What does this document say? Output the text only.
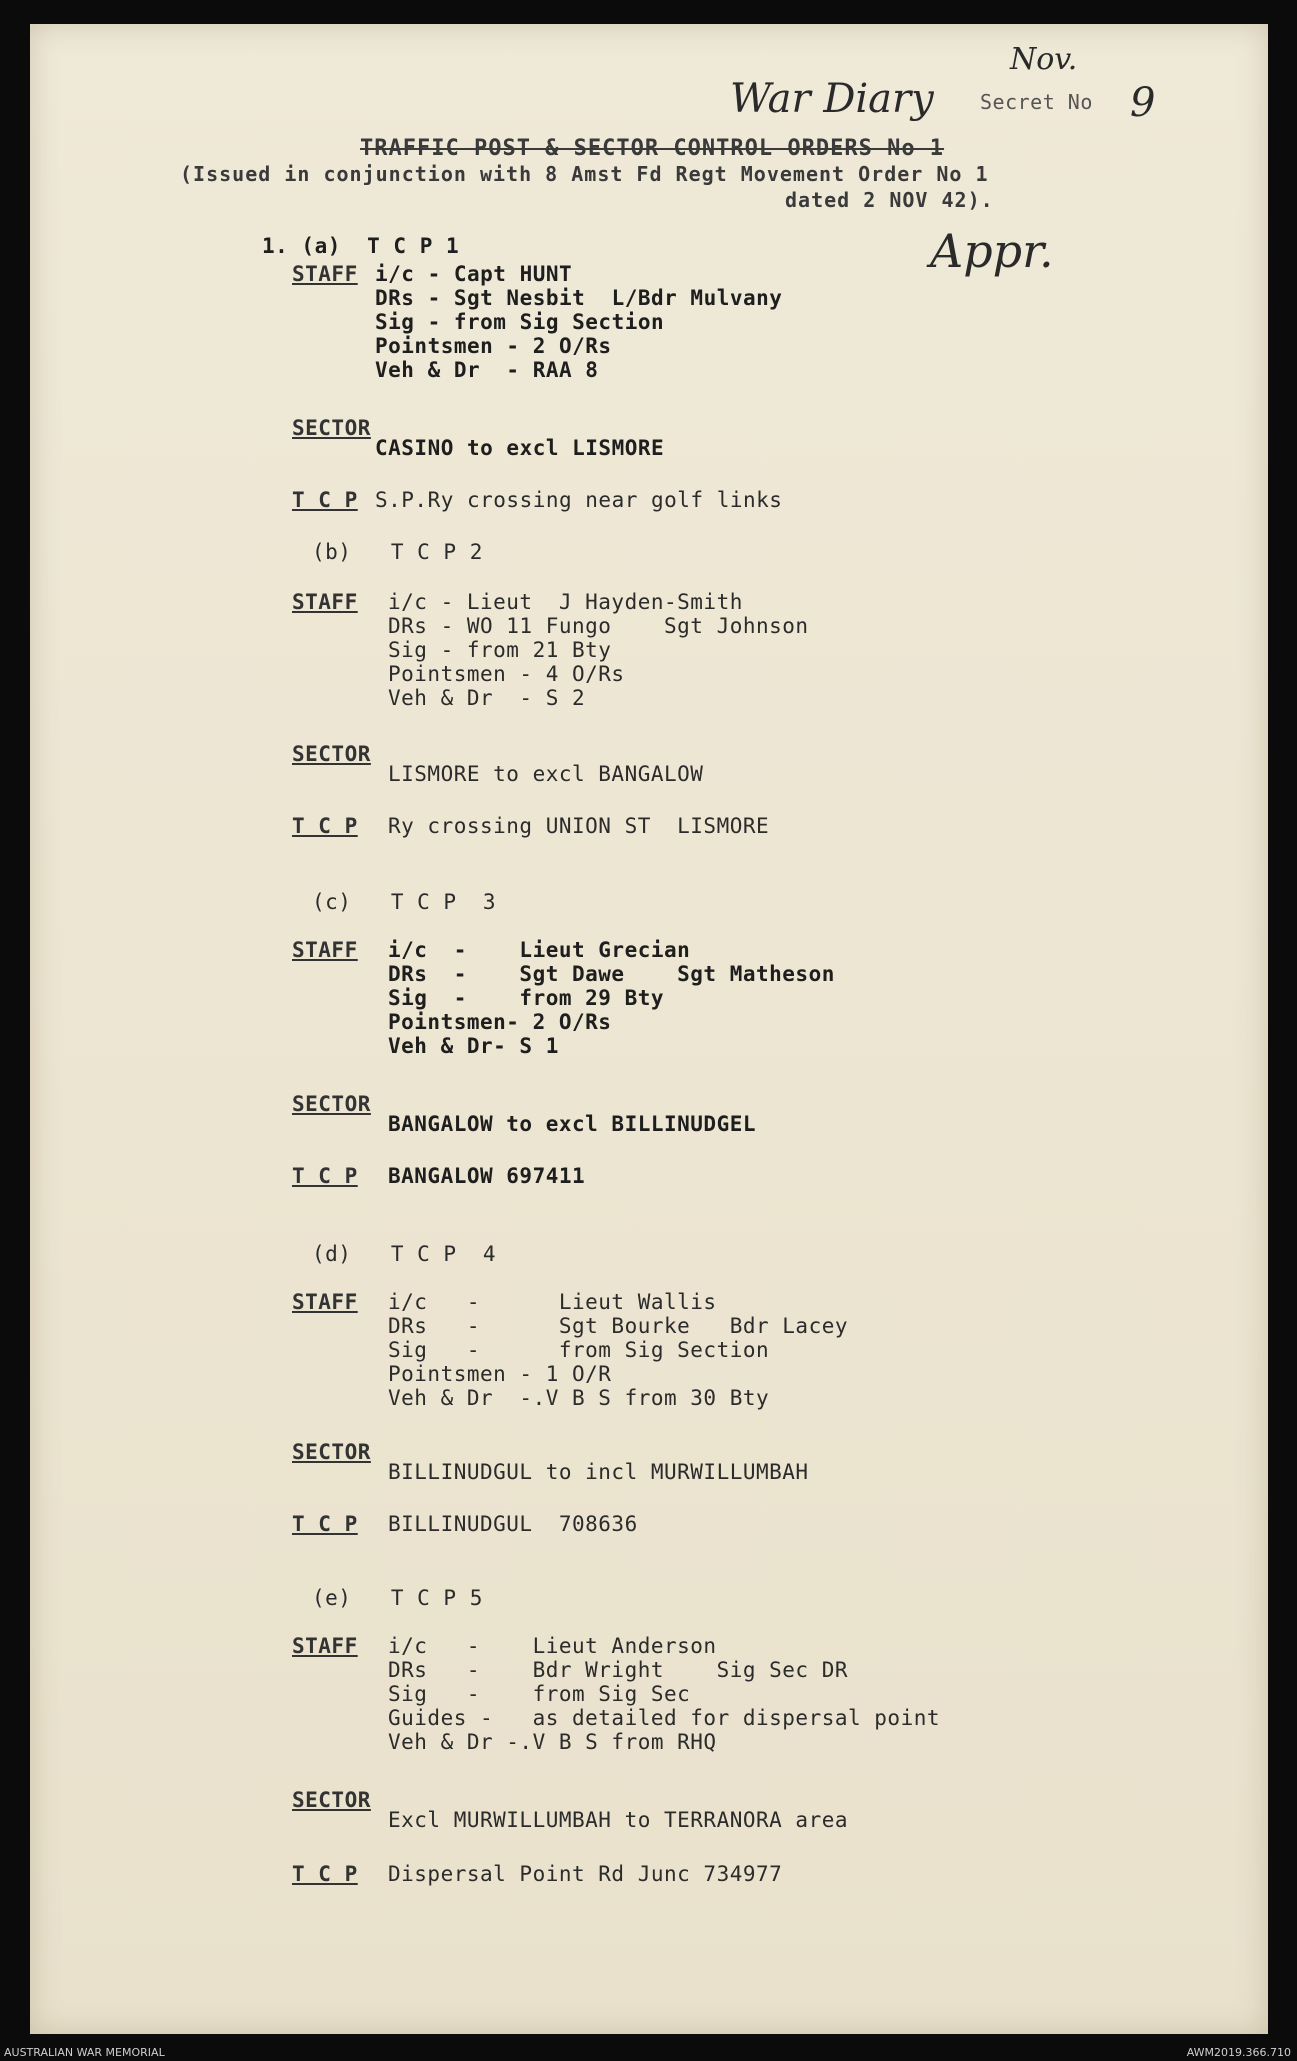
Nov.
War Diary Secret No 9
Appr.
TRAFFIC POST & SECTOR CONTROL ORDERS No 1
(Issued in conjunction with 8 Amst Fd Regt Movement Order No 1
dated 2 NOV 42).
1. (a)  T C P 1
STAFF i/c - Capt HUNT
DRs - Sgt Nesbit  L/Bdr Mulvany
Sig - from Sig Section
Pointsmen - 2 O/Rs
Veh & Dr  - RAA 8
SECTOR
CASINO to excl LISMORE
T C P S.P.Ry crossing near golf links
(b)   T C P 2
STAFF i/c - Lieut  J Hayden-Smith
DRs - WO 11 Fungo    Sgt Johnson
Sig - from 21 Bty
Pointsmen - 4 O/Rs
Veh & Dr  - S 2
SECTOR
LISMORE to excl BANGALOW
T C P Ry crossing UNION ST  LISMORE
(c)   T C P  3
STAFF i/c  -    Lieut Grecian
DRs  -    Sgt Dawe    Sgt Matheson
Sig  -    from 29 Bty
Pointsmen- 2 O/Rs
Veh & Dr- S 1
SECTOR
BANGALOW to excl BILLINUDGEL
T C P BANGALOW 697411
(d)   T C P  4
STAFF i/c   -      Lieut Wallis
DRs   -      Sgt Bourke   Bdr Lacey
Sig   -      from Sig Section
Pointsmen - 1 O/R
Veh & Dr  -.V B S from 30 Bty
SECTOR
BILLINUDGUL to incl MURWILLUMBAH
T C P BILLINUDGUL  708636
(e)   T C P 5
STAFF i/c   -    Lieut Anderson
DRs   -    Bdr Wright    Sig Sec DR
Sig   -    from Sig Sec
Guides -   as detailed for dispersal point
Veh & Dr -.V B S from RHQ
SECTOR
Excl MURWILLUMBAH to TERRANORA area
T C P Dispersal Point Rd Junc 734977
AUSTRALIAN WAR MEMORIAL	AWM2019.366.710
